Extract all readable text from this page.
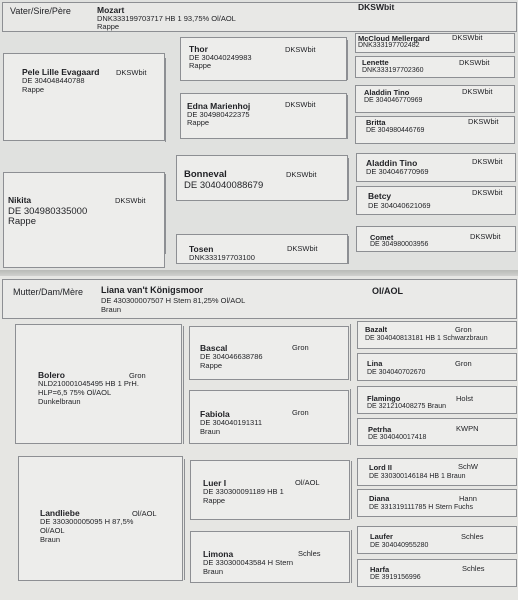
Vater/Sire/Père	Mozart
DNK333199703717 HB 1 93,75% Ol/AOL
Rappe
DKSWbit
Pele Lille Evagaard DKSWbit
DE 304048440788
Rappe
Nikita	DKSWbit
DE 304980335000
Rappe
Thor	DKSWbit
DE 304040249983
Rappe
Edna Marienhoj	DKSWbit
DE 304980422375
Rappe
Bonneval	DKSWbit
DE 304040088679
Tosen	DKSWbit
DNK333197703100
McCloud Mellergard	DKSWbit
DNK333197702482
Lenette	DKSWbit
DNK333197702360
Aladdin Tino	DKSWbit
DE 304046770969
Britta	DKSWbit
DE 304980446769
Aladdin Tino	DKSWbit
DE 304046770969
Betcy	DKSWbit
DE 304040621069
Comet	DKSWbit
DE 304980003956
Mutter/Dam/Mère Liana van't Königsmoor
DE 430300007507 H Stern 81,25% Ol/AOL
Braun
Ol/AOL
Bolero	Gron
NLD210001045495 HB 1 PrH.
HLP=6,5 75% Ol/AOL
Dunkelbraun
Landliebe	Ol/AOL
DE 330300005095 H 87,5%
Ol/AOL
Braun
Bascal	Gron
DE 304046638786
Rappe
Fabiola	Gron
DE 304040191311
Braun
Luer I	Ol/AOL
DE 330300091189 HB 1
Rappe
Limona	Schles
DE 330300043584 H Stern
Braun
Bazalt	Gron
DE 304040813181 HB 1 Schwarzbraun
Lina	Gron
DE 304040702670
Flamingo	Holst
DE 321210408275 Braun
Petrha	KWPN
DE 304040017418
Lord II	SchW
DE 330300146184 HB 1 Braun
Diana	Hann
DE 331319111785 H Stern Fuchs
Laufer	Schles
DE 304040955280
Harfa	Schles
DE 3919156996
